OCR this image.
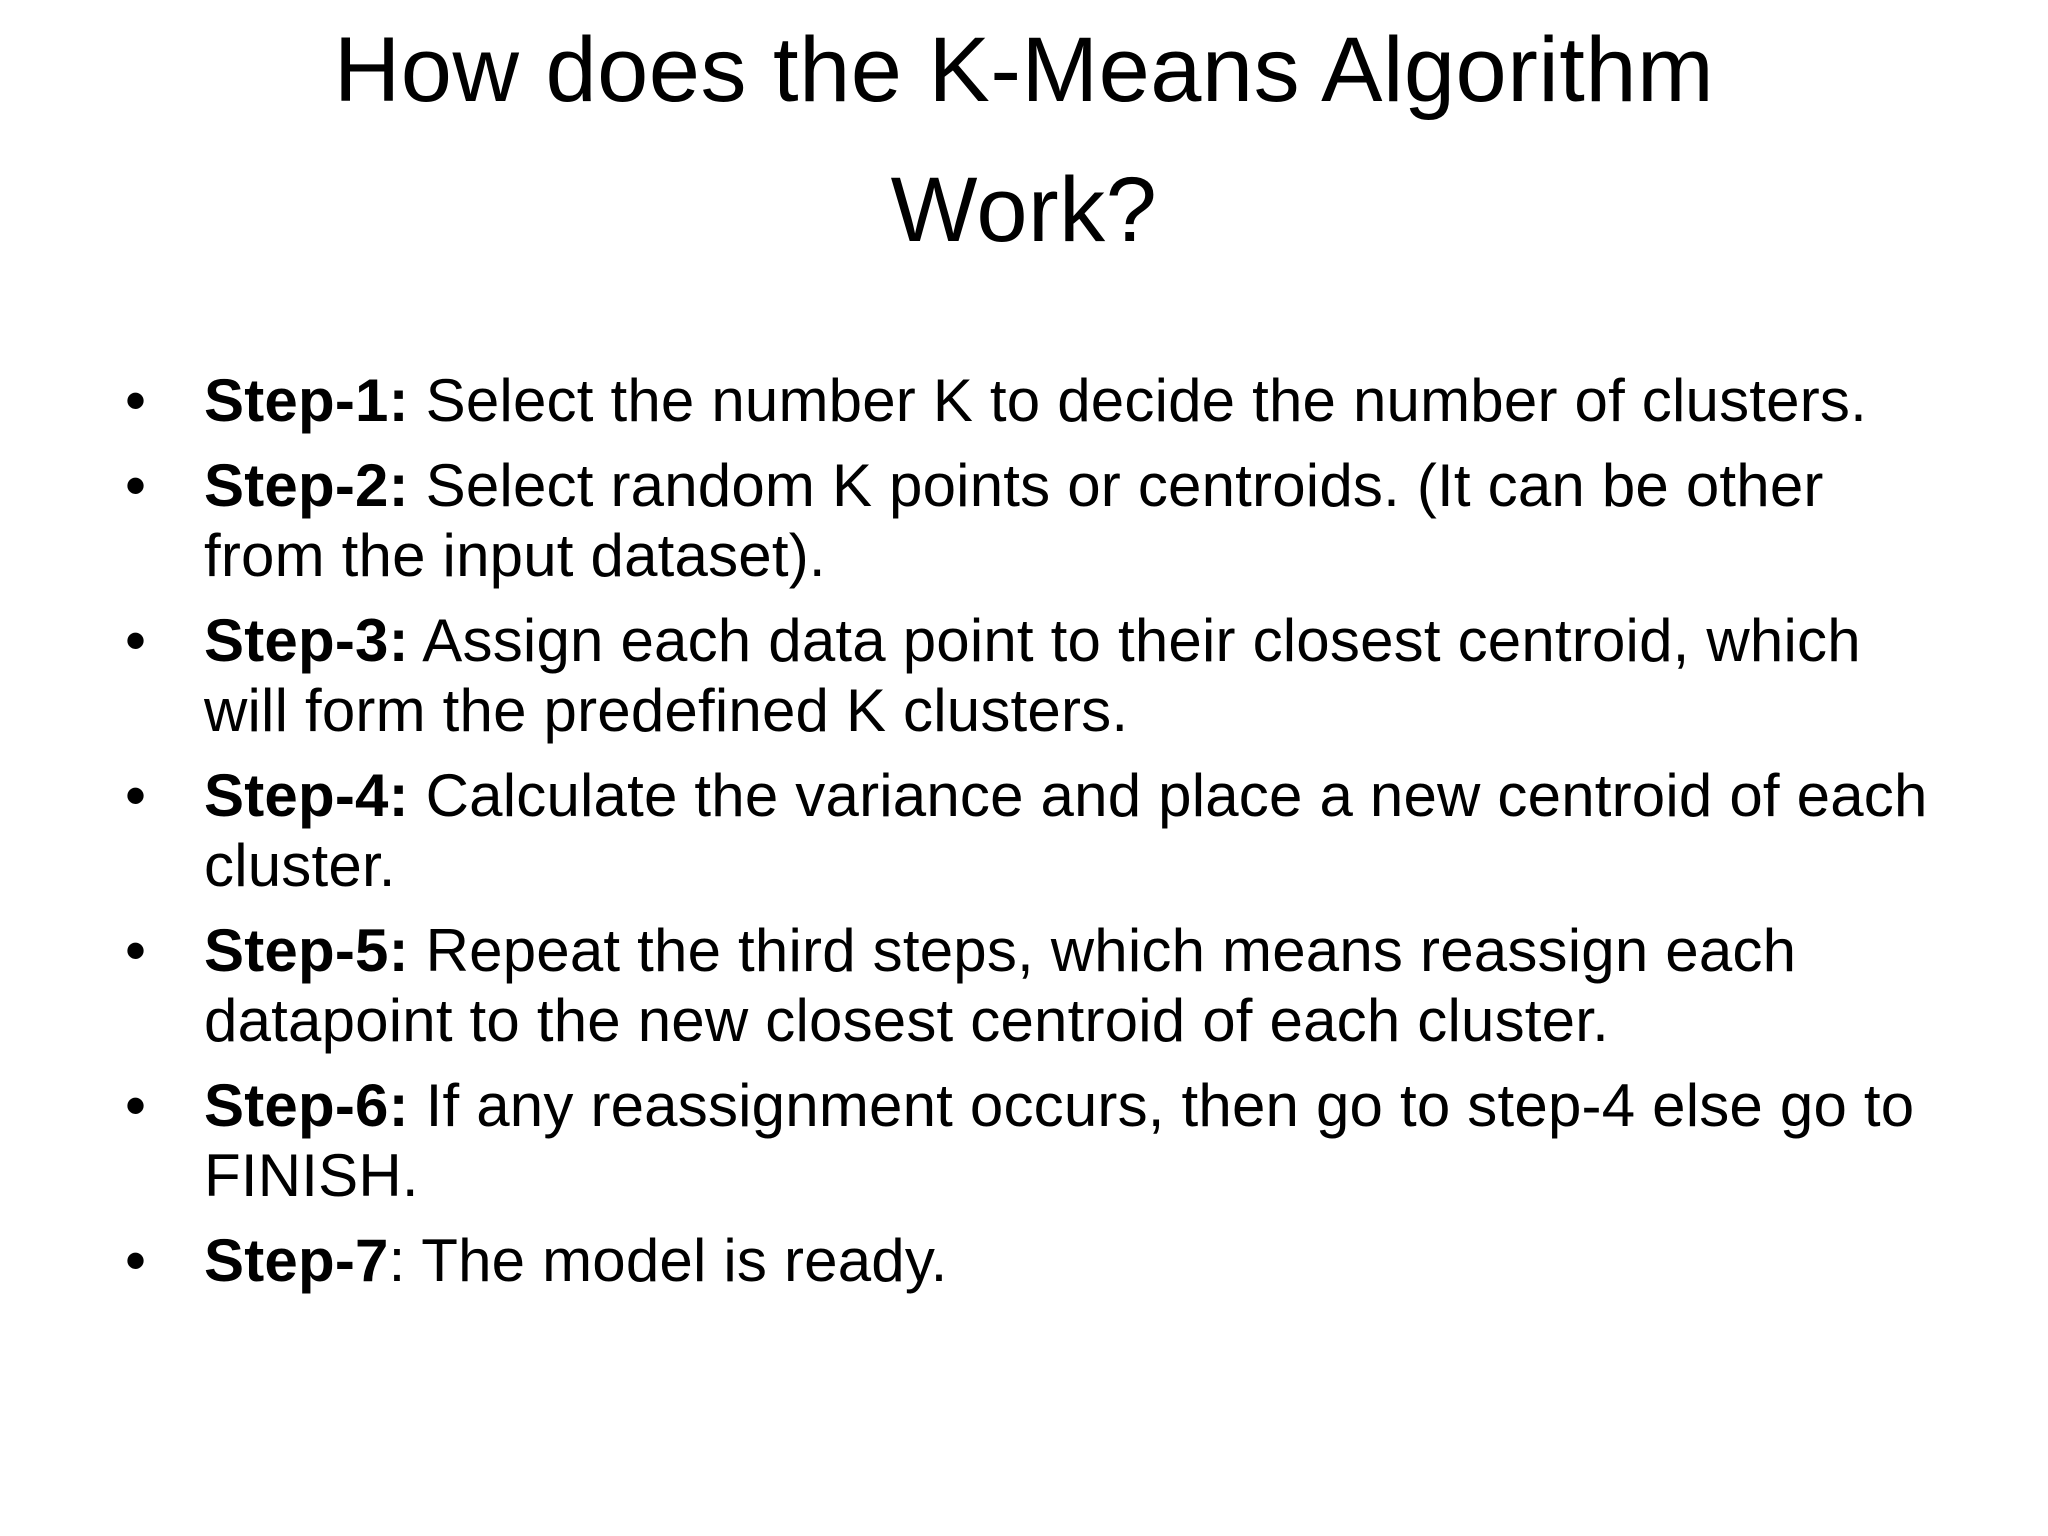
How does the K-Means Algorithm
Work?
• Step-1: Select the number K to decide the number of clusters.
• Step-2: Select random K points or centroids. (It can be other from the input dataset).
• Step-3: Assign each data point to their closest centroid, which will form the predefined K clusters.
• Step-4: Calculate the variance and place a new centroid of each cluster.
• Step-5: Repeat the third steps, which means reassign each datapoint to the new closest centroid of each cluster.
• Step-6: If any reassignment occurs, then go to step-4 else go to FINISH.
• Step-7: The model is ready.
